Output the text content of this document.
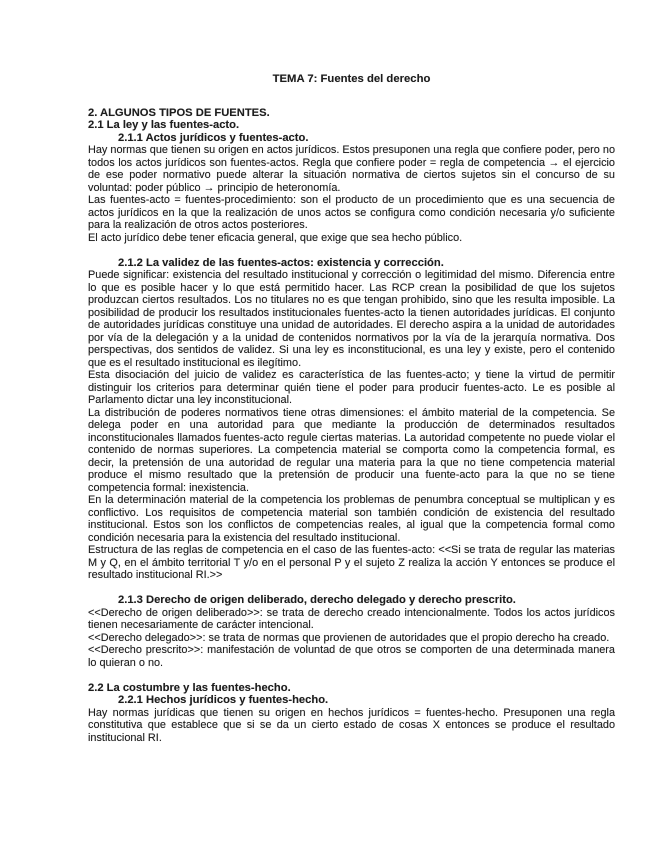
TEMA 7: Fuentes del derecho
2. ALGUNOS TIPOS DE FUENTES.
2.1 La ley y las fuentes-acto.
2.1.1 Actos jurídicos y fuentes-acto.
Hay normas que tienen su origen en actos jurídicos. Estos presuponen una regla que confiere poder, pero no todos los actos jurídicos son fuentes-actos. Regla que confiere poder = regla de competencia → el ejercicio de ese poder normativo puede alterar la situación normativa de ciertos sujetos sin el concurso de su voluntad: poder público → principio de heteronomía.
Las fuentes-acto = fuentes-procedimiento: son el producto de un procedimiento que es una secuencia de actos jurídicos en la que la realización de unos actos se configura como condición necesaria y/o suficiente para la realización de otros actos posteriores.
El acto jurídico debe tener eficacia general, que exige que sea hecho público.
2.1.2 La validez de las fuentes-actos: existencia y corrección.
Puede significar: existencia del resultado institucional y corrección o legitimidad del mismo. Diferencia entre lo que es posible hacer y lo que está permitido hacer. Las RCP crean la posibilidad de que los sujetos produzcan ciertos resultados. Los no titulares no es que tengan prohibido, sino que les resulta imposible. La posibilidad de producir los resultados institucionales fuentes-acto la tienen autoridades jurídicas. El conjunto de autoridades jurídicas constituye una unidad de autoridades. El derecho aspira a la unidad de autoridades por vía de la delegación y a la unidad de contenidos normativos por la vía de la jerarquía normativa. Dos perspectivas, dos sentidos de validez. Si una ley es inconstitucional, es una ley y existe, pero el contenido que es el resultado institucional es ilegítimo.
Esta disociación del juicio de validez es característica de las fuentes-acto; y tiene la virtud de permitir distinguir los criterios para determinar quién tiene el poder para producir fuentes-acto. Le es posible al Parlamento dictar una ley inconstitucional.
La distribución de poderes normativos tiene otras dimensiones: el ámbito material de la competencia. Se delega poder en una autoridad para que mediante la producción de determinados resultados inconstitucionales llamados fuentes-acto regule ciertas materias. La autoridad competente no puede violar el contenido de normas superiores. La competencia material se comporta como la competencia formal, es decir, la pretensión de una autoridad de regular una materia para la que no tiene competencia material produce el mismo resultado que la pretensión de producir una fuente-acto para la que no se tiene competencia formal: inexistencia.
En la determinación material de la competencia los problemas de penumbra conceptual se multiplican y es conflictivo. Los requisitos de competencia material son también condición de existencia del resultado institucional. Estos son los conflictos de competencias reales, al igual que la competencia formal como condición necesaria para la existencia del resultado institucional.
Estructura de las reglas de competencia en el caso de las fuentes-acto: <<Si se trata de regular las materias M y Q, en el ámbito territorial T y/o en el personal P y el sujeto Z realiza la acción Y entonces se produce el resultado institucional RI.>>
2.1.3 Derecho de origen deliberado, derecho delegado y derecho prescrito.
<<Derecho de origen deliberado>>: se trata de derecho creado intencionalmente. Todos los actos jurídicos tienen necesariamente de carácter intencional.
<<Derecho delegado>>: se trata de normas que provienen de autoridades que el propio derecho ha creado.
<<Derecho prescrito>>: manifestación de voluntad de que otros se comporten de una determinada manera lo quieran o no.
2.2 La costumbre y las fuentes-hecho.
2.2.1 Hechos jurídicos y fuentes-hecho.
Hay normas jurídicas que tienen su origen en hechos jurídicos = fuentes-hecho. Presuponen una regla constitutiva que establece que si se da un cierto estado de cosas X entonces se produce el resultado institucional RI.
